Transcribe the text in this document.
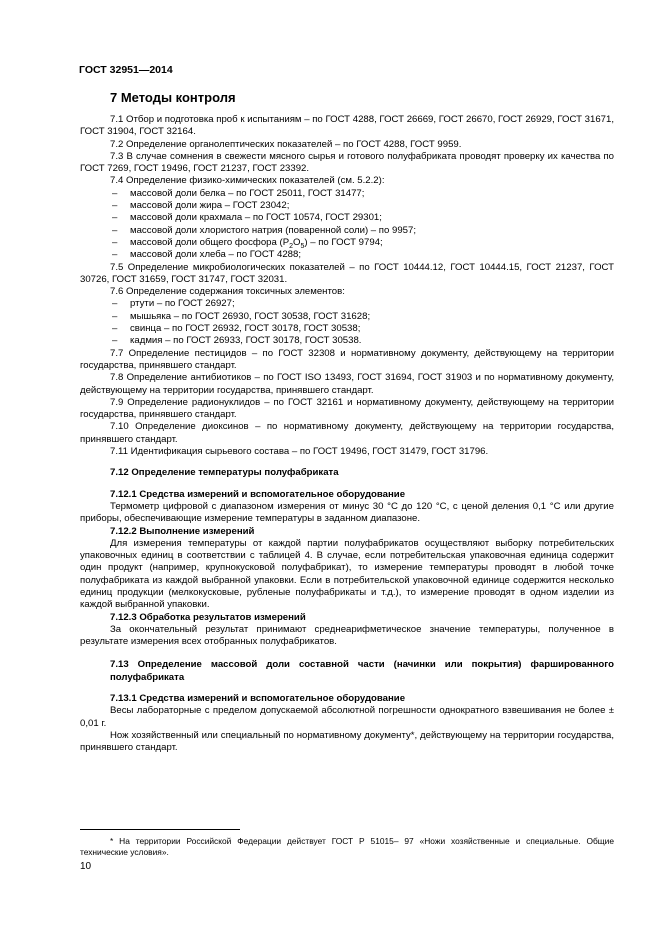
ГОСТ 32951—2014
7 Методы контроля

7.1 Отбор и подготовка проб к испытаниям – по ГОСТ 4288, ГОСТ 26669, ГОСТ 26670, ГОСТ 26929, ГОСТ 31671, ГОСТ 31904, ГОСТ 32164.

7.2 Определение органолептических показателей – по ГОСТ 4288, ГОСТ 9959.

7.3 В случае сомнения в свежести мясного сырья и готового полуфабриката проводят проверку их качества по ГОСТ 7269, ГОСТ 19496, ГОСТ 21237, ГОСТ 23392.

7.4 Определение физико-химических показателей (см. 5.2.2):

– массовой доли белка – по ГОСТ 25011, ГОСТ 31477;

– массовой доли жира – ГОСТ 23042;

– массовой доли крахмала – по ГОСТ 10574, ГОСТ 29301;

– массовой доли хлористого натрия (поваренной соли) – по 9957;

– массовой доли общего фосфора $(P_2O_5)$ – по ГОСТ 9794;

– массовой доли хлеба – по ГОСТ 4288;

7.5 Определение микробиологических показателей – по ГОСТ 10444.12, ГОСТ 10444.15, ГОСТ 21237, ГОСТ 30726, ГОСТ 31659, ГОСТ 31747, ГОСТ 32031.

7.6 Определение содержания токсичных элементов:

– ртути – по ГОСТ 26927;

– мышьяка – по ГОСТ 26930, ГОСТ 30538, ГОСТ 31628;

– свинца – по ГОСТ 26932, ГОСТ 30178, ГОСТ 30538;

– кадмия – по ГОСТ 26933, ГОСТ 30178, ГОСТ 30538.

7.7 Определение пестицидов – по ГОСТ 32308 и нормативному документу, действующему на территории государства, принявшего стандарт.

7.8 Определение антибиотиков – по ГОСТ ISO 13493, ГОСТ 31694, ГОСТ 31903 и по нормативному документу, действующему на территории государства, принявшего стандарт.

7.9 Определение радионуклидов – по ГОСТ 32161 и нормативному документу, действующему на территории государства, принявшего стандарт.

7.10 Определение диоксинов – по нормативному документу, действующему на территории государства, принявшего стандарт.

7.11 Идентификация сырьевого состава – по ГОСТ 19496, ГОСТ 31479, ГОСТ 31796.

7.12 Определение температуры полуфабриката

7.12.1 Средства измерений и вспомогательное оборудование

Термометр цифровой с диапазоном измерения от минус 30 °С до 120 °С, с ценой деления 0,1 °С или другие приборы, обеспечивающие измерение температуры в заданном диапазоне.

7.12.2 Выполнение измерений

Для измерения температуры от каждой партии полуфабрикатов осуществляют выборку потребительских упаковочных единиц в соответствии с таблицей 4. В случае, если потребительская упаковочная единица содержит один продукт (например, крупнокусковой полуфабрикат), то измерение температуры проводят в любой точке полуфабриката из каждой выбранной упаковки. Если в потребительской упаковочной единице содержится несколько единиц продукции (мелкокусковые, рубленые полуфабрикаты и т.д.), то измерение проводят в одном изделии из каждой выбранной упаковки.

7.12.3 Обработка результатов измерений

За окончательный результат принимают среднеарифметическое значение температуры, полученное в результате измерения всех отобранных полуфабрикатов.

7.13 Определение массовой доли составной части (начинки или покрытия) фаршированного полуфабриката

7.13.1 Средства измерений и вспомогательное оборудование

Весы лабораторные с пределом допускаемой абсолютной погрешности однократного взвешивания не более ± 0,01 г.

Нож хозяйственный или специальный по нормативному документу*, действующему на территории государства, принявшего стандарт.

* На территории Российской Федерации действует ГОСТ Р 51015– 97 «Ножи хозяйственные и специальные. Общие технические условия».
10
